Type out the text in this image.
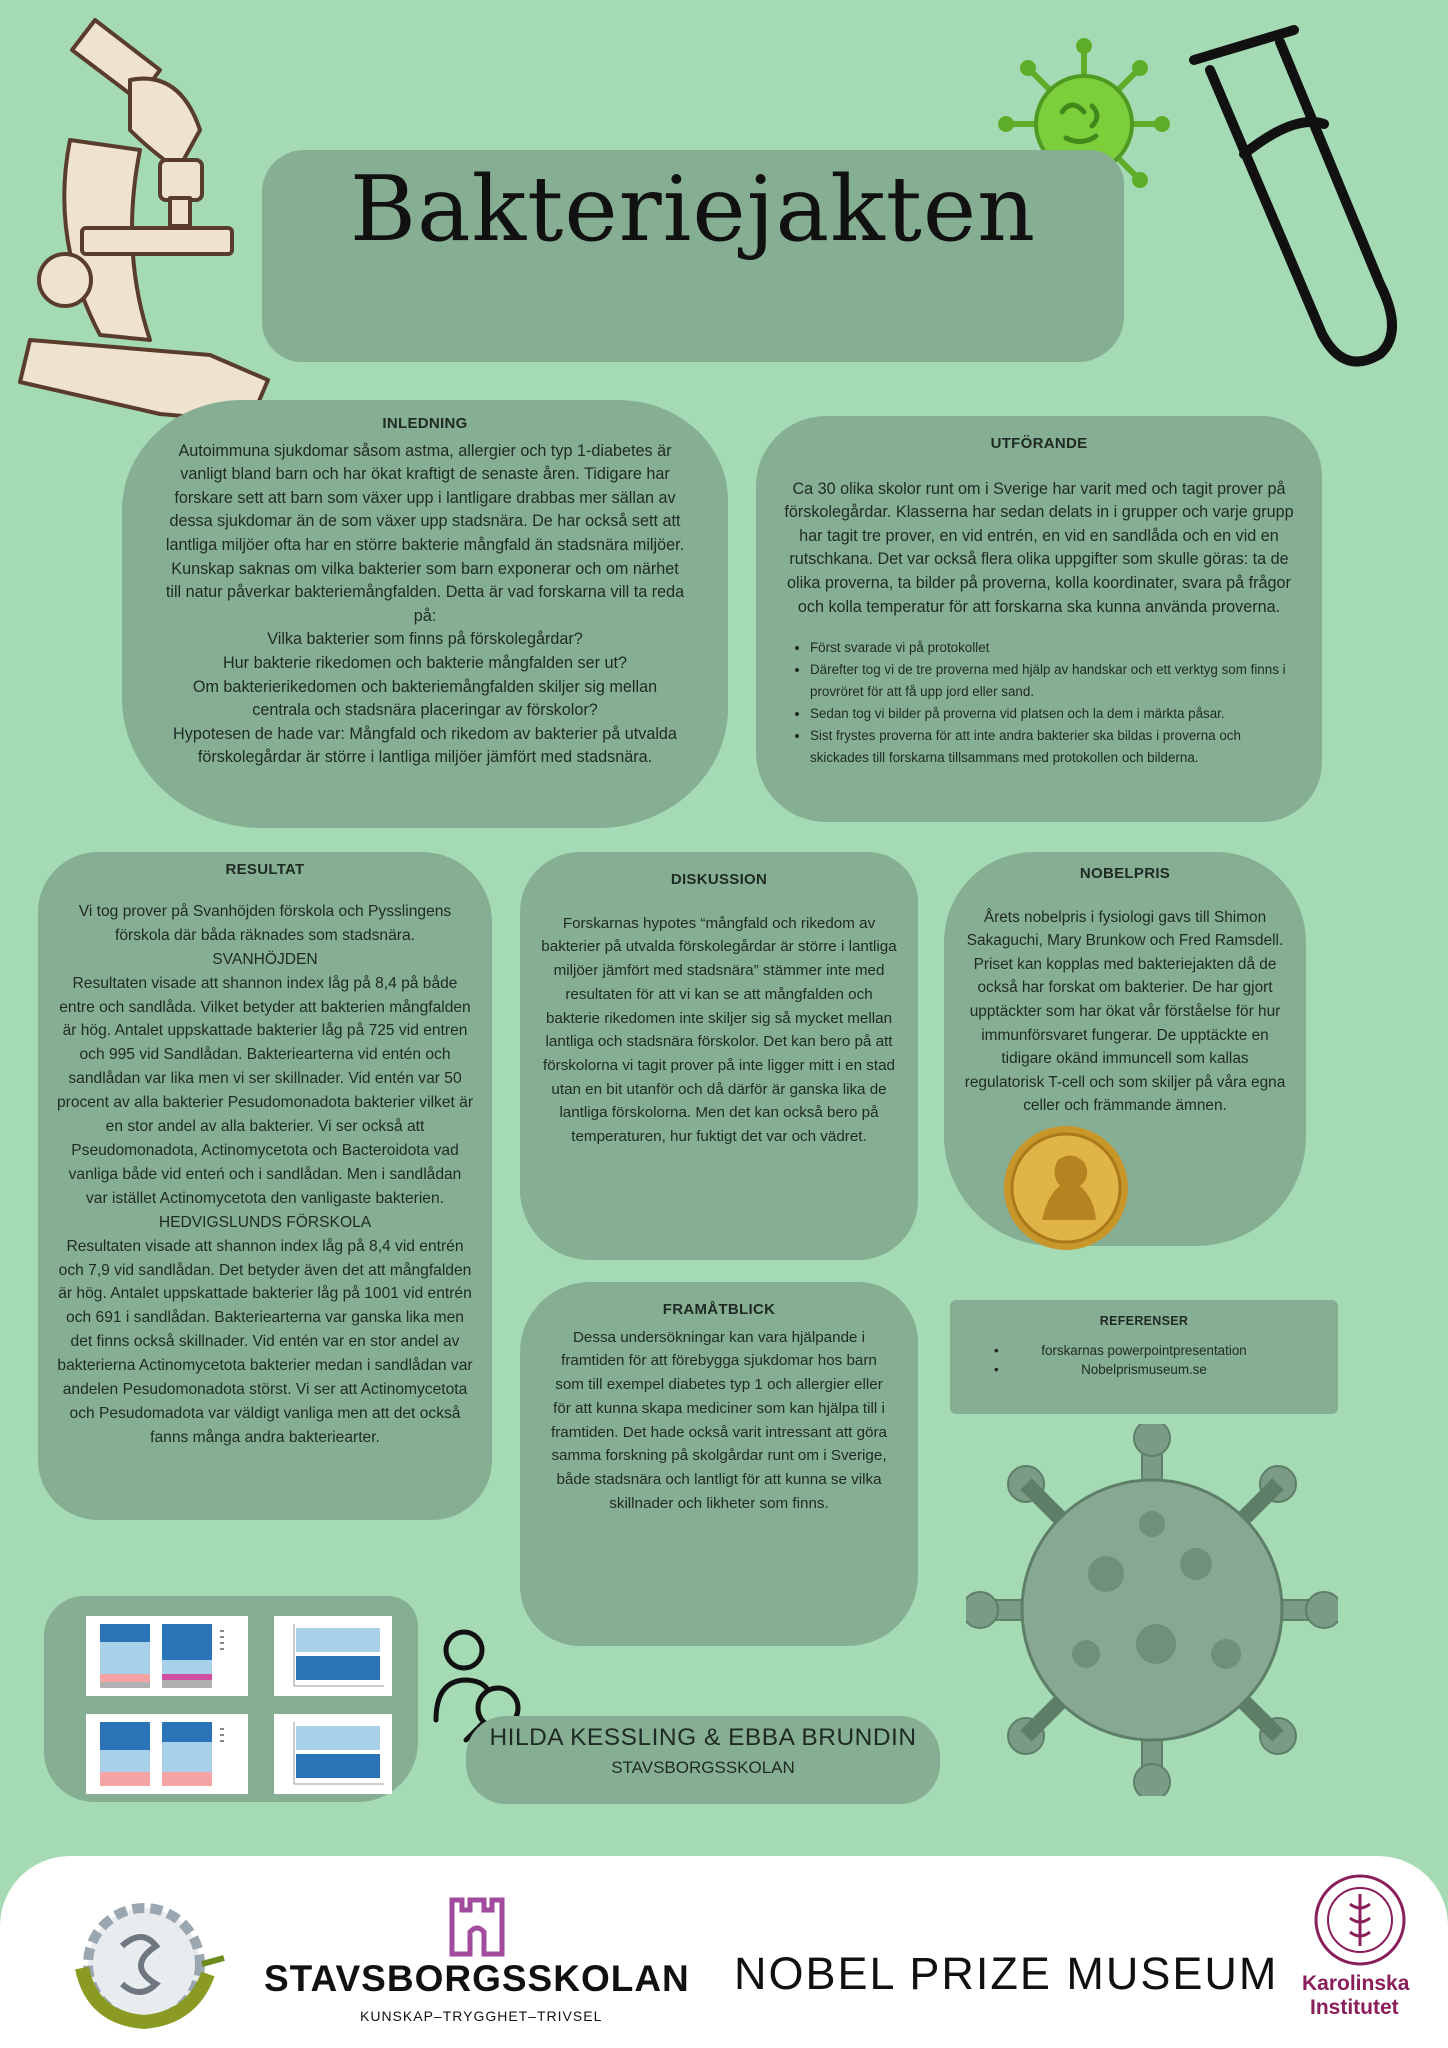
Bakteriejakten
INLEDNING

Autoimmuna sjukdomar såsom astma, allergier och typ 1-diabetes är vanligt bland barn och har ökat kraftigt de senaste åren. Tidigare har forskare sett att barn som växer upp i lantligare drabbas mer sällan av dessa sjukdomar än de som växer upp stadsnära. De har också sett att lantliga miljöer ofta har en större bakterie mångfald än stadsnära miljöer. Kunskap saknas om vilka bakterier som barn exponerar och om närhet till natur påverkar bakteriemångfalden. Detta är vad forskarna vill ta reda på:

Vilka bakterier som finns på förskolegårdar?

Hur bakterie rikedomen och bakterie mångfalden ser ut?

Om bakterierikedomen och bakteriemångfalden skiljer sig mellan centrala och stadsnära placeringar av förskolor?

Hypotesen de hade var: Mångfald och rikedom av bakterier på utvalda förskolegårdar är större i lantliga miljöer jämfört med stadsnära.

UTFÖRANDE

Ca 30 olika skolor runt om i Sverige har varit med och tagit prover på förskolegårdar. Klasserna har sedan delats in i grupper och varje grupp har tagit tre prover, en vid entrén, en vid en sandlåda och en vid en rutschkana. Det var också flera olika uppgifter som skulle göras: ta de olika proverna, ta bilder på proverna, kolla koordinater, svara på frågor och kolla temperatur för att forskarna ska kunna använda proverna.

• Först svarade vi på protokollet
• Därefter tog vi de tre proverna med hjälp av handskar och ett verktyg som finns i provröret för att få upp jord eller sand.
• Sedan tog vi bilder på proverna vid platsen och la dem i märkta påsar.
• Sist frystes proverna för att inte andra bakterier ska bildas i proverna och skickades till forskarna tillsammans med protokollen och bilderna.
RESULTAT

Vi tog prover på Svanhöjden förskola och Pysslingens förskola där båda räknades som stadsnära.

SVANHÖJDEN

Resultaten visade att shannon index låg på 8,4 på både entre och sandlåda. Vilket betyder att bakterien mångfalden är hög. Antalet uppskattade bakterier låg på 725 vid entren och 995 vid Sandlådan. Bakteriearterna vid entén och sandlådan var lika men vi ser skillnader. Vid entén var 50 procent av alla bakterier Pesudomonadota bakterier vilket är en stor andel av alla bakterier. Vi ser också att Pseudomonadota, Actinomycetota och Bacteroidota vad vanliga både vid enteń och i sandlådan. Men i sandlådan var istället Actinomycetota den vanligaste bakterien.

HEDVIGSLUNDS FÖRSKOLA

Resultaten visade att shannon index låg på 8,4 vid entrén och 7,9 vid sandlådan. Det betyder även det att mångfalden är hög. Antalet uppskattade bakterier låg på 1001 vid entrén och 691 i sandlådan. Bakteriearterna var ganska lika men det finns också skillnader. Vid entén var en stor andel av bakterierna Actinomycetota bakterier medan i sandlådan var andelen Pesudomonadota störst. Vi ser att Actinomycetota och Pesudomadota var väldigt vanliga men att det också fanns många andra bakteriearter.

DISKUSSION

Forskarnas hypotes “mångfald och rikedom av bakterier på utvalda förskolegårdar är större i lantliga miljöer jämfört med stadsnära” stämmer inte med resultaten för att vi kan se att mångfalden och bakterie rikedomen inte skiljer sig så mycket mellan lantliga och stadsnära förskolor. Det kan bero på att förskolorna vi tagit prover på inte ligger mitt i en stad utan en bit utanför och då därför är ganska lika de lantliga förskolorna. Men det kan också bero på temperaturen, hur fuktigt det var och vädret.

NOBELPRIS

Årets nobelpris i fysiologi gavs till Shimon Sakaguchi, Mary Brunkow och Fred Ramsdell. Priset kan kopplas med bakteriejakten då de också har forskat om bakterier. De har gjort upptäckter som har ökat vår förståelse för hur immunförsvaret fungerar. De upptäckte en tidigare okänd immuncell som kallas regulatorisk T-cell och som skiljer på våra egna celler och främmande ämnen.

FRAMÅTBLICK

Dessa undersökningar kan vara hjälpande i framtiden för att förebygga sjukdomar hos barn som till exempel diabetes typ 1 och allergier eller för att kunna skapa mediciner som kan hjälpa till i framtiden. Det hade också varit intressant att göra samma forskning på skolgårdar runt om i Sverige, både stadsnära och lantligt för att kunna se vilka skillnader och likheter som finns.

REFERENSER
• forskarnas powerpointpresentation
• Nobelprismuseum.se
HILDA KESSLING & EBBA BRUNDIN
STAVSBORGSSKOLAN
STAVSBORGSSKOLAN
KUNSKAP–TRYGGHET–TRIVSEL
NOBEL PRIZE MUSEUM Karolinska
Institutet
